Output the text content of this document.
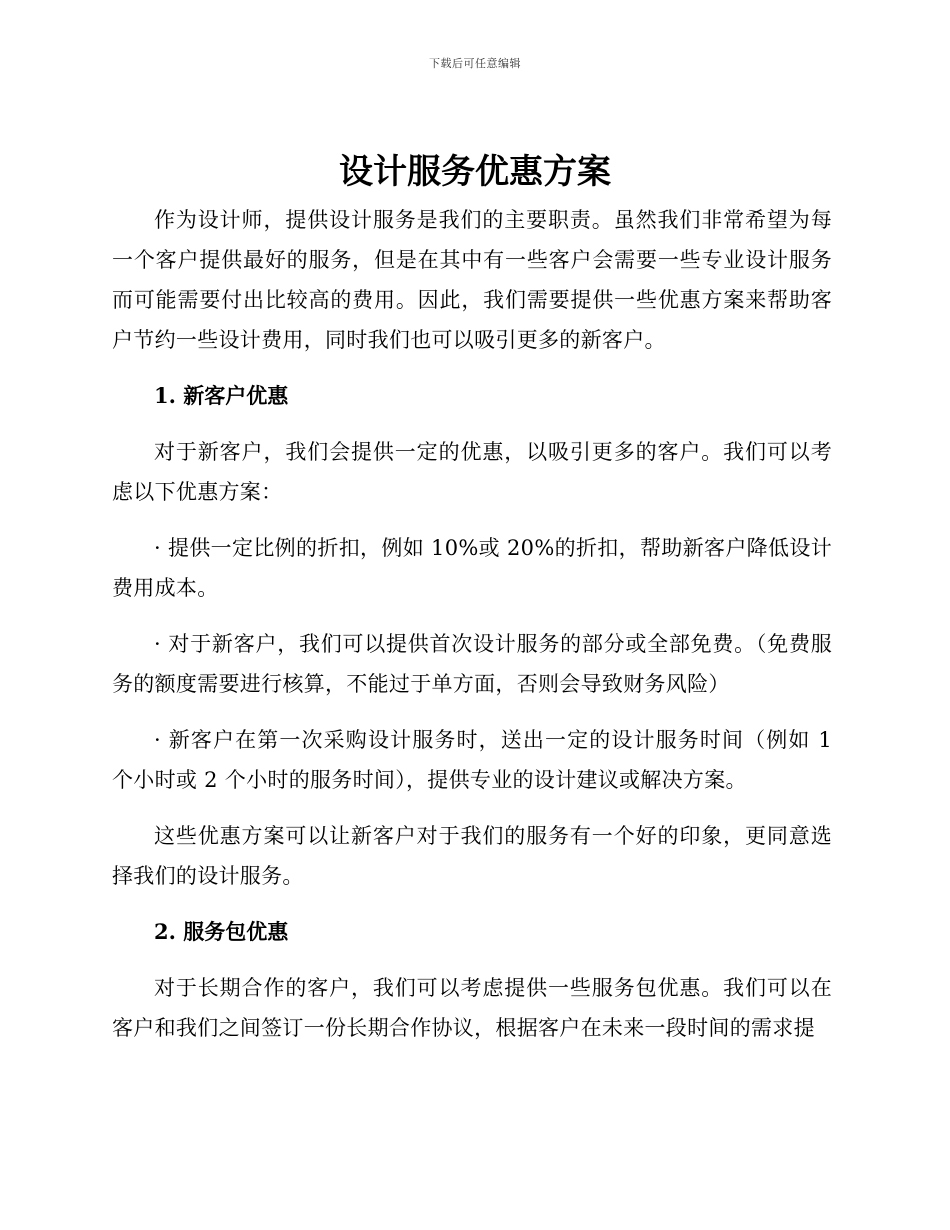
下载后可任意编辑
设计服务优惠方案

作为设计师，提供设计服务是我们的主要职责。虽然我们非常希望为每一个客户提供最好的服务，但是在其中有一些客户会需要一些专业设计服务而可能需要付出比较高的费用。因此，我们需要提供一些优惠方案来帮助客户节约一些设计费用，同时我们也可以吸引更多的新客户。

1. 新客户优惠

对于新客户，我们会提供一定的优惠，以吸引更多的客户。我们可以考虑以下优惠方案：

· 提供一定比例的折扣，例如 10%或 20%的折扣，帮助新客户降低设计费用成本。

· 对于新客户，我们可以提供首次设计服务的部分或全部免费。（免费服务的额度需要进行核算，不能过于单方面，否则会导致财务风险）

· 新客户在第一次采购设计服务时，送出一定的设计服务时间（例如 1 个小时或 2 个小时的服务时间），提供专业的设计建议或解决方案。

这些优惠方案可以让新客户对于我们的服务有一个好的印象，更同意选择我们的设计服务。

2. 服务包优惠

对于长期合作的客户，我们可以考虑提供一些服务包优惠。我们可以在客户和我们之间签订一份长期合作协议，根据客户在未来一段时间的需求提
